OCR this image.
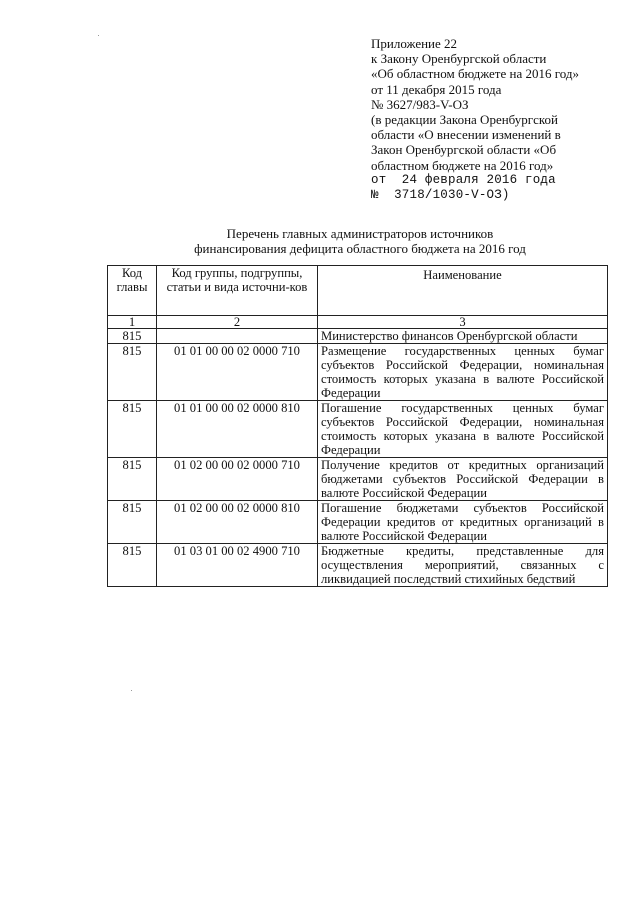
Приложение 22
к Закону Оренбургской области
«Об областном бюджете на 2016 год»
от 11 декабря 2015 года
№ 3627/983-V-ОЗ
(в редакции Закона Оренбургской
области «О внесении изменений в
Закон Оренбургской области «Об
областном бюджете на 2016 год»
от  24 февраля 2016 года
№  3718/1030-V-ОЗ)
Перечень главных администраторов источников
финансирования дефицита областного бюджета на 2016 год
Код главы	Код группы, подгруппы, статьи и вида источни-ков	Наименование
1	2	3
815		Министерство финансов Оренбургской области
815	01 01 00 00 02 0000 710	Размещение государственных ценных бумаг субъектов Российской Федерации, номинальная стоимость которых указана в валюте Российской Федерации
815	01 01 00 00 02 0000 810	Погашение государственных ценных бумаг субъектов Российской Федерации, номинальная стоимость которых указана в валюте Российской Федерации
815	01 02 00 00 02 0000 710	Получение кредитов от кредитных организаций бюджетами субъектов Российской Федерации в валюте Российской Федерации
815	01 02 00 00 02 0000 810	Погашение бюджетами субъектов Российской Федерации кредитов от кредитных организаций в валюте Российской Федерации
815	01 03 01 00 02 4900 710	Бюджетные кредиты, представленные для осуществления мероприятий, связанных с ликвидацией последствий стихийных бедствий
